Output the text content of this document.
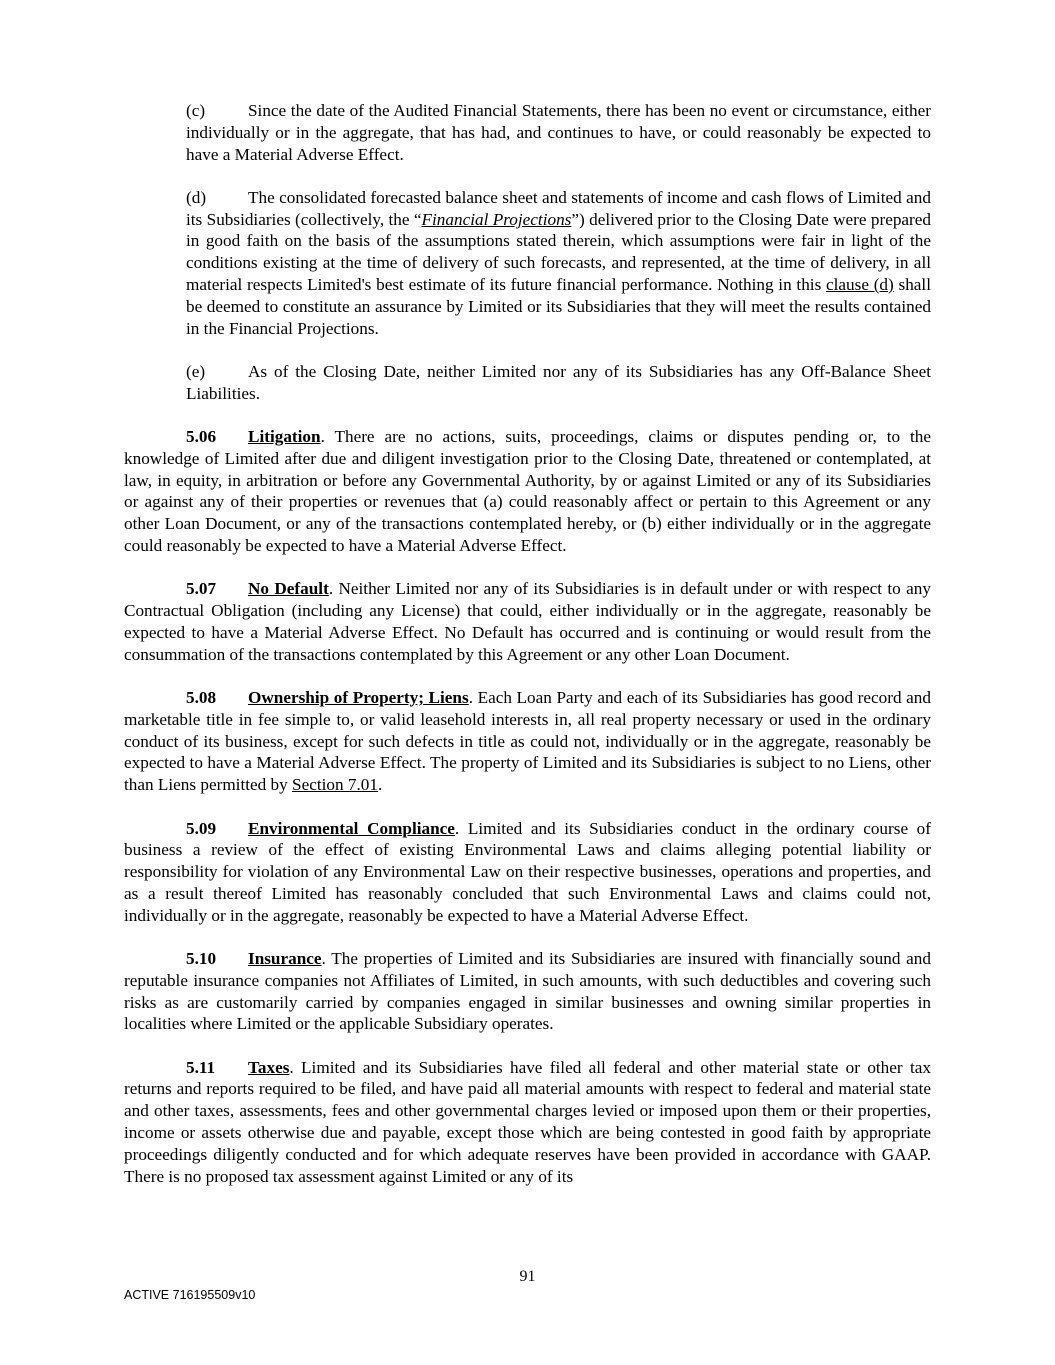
(c) Since the date of the Audited Financial Statements, there has been no event or circumstance, either individually or in the aggregate, that has had, and continues to have, or could reasonably be expected to have a Material Adverse Effect.

(d) The consolidated forecasted balance sheet and statements of income and cash flows of Limited and its Subsidiaries (collectively, the “Financial Projections”) delivered prior to the Closing Date were prepared in good faith on the basis of the assumptions stated therein, which assumptions were fair in light of the conditions existing at the time of delivery of such forecasts, and represented, at the time of delivery, in all material respects Limited's best estimate of its future financial performance. Nothing in this clause (d) shall be deemed to constitute an assurance by Limited or its Subsidiaries that they will meet the results contained in the Financial Projections.

(e) As of the Closing Date, neither Limited nor any of its Subsidiaries has any Off-Balance Sheet Liabilities.

5.06 Litigation. There are no actions, suits, proceedings, claims or disputes pending or, to the knowledge of Limited after due and diligent investigation prior to the Closing Date, threatened or contemplated, at law, in equity, in arbitration or before any Governmental Authority, by or against Limited or any of its Subsidiaries or against any of their properties or revenues that (a) could reasonably affect or pertain to this Agreement or any other Loan Document, or any of the transactions contemplated hereby, or (b) either individually or in the aggregate could reasonably be expected to have a Material Adverse Effect.

5.07 No Default. Neither Limited nor any of its Subsidiaries is in default under or with respect to any Contractual Obligation (including any License) that could, either individually or in the aggregate, reasonably be expected to have a Material Adverse Effect. No Default has occurred and is continuing or would result from the consummation of the transactions contemplated by this Agreement or any other Loan Document.

5.08 Ownership of Property; Liens. Each Loan Party and each of its Subsidiaries has good record and marketable title in fee simple to, or valid leasehold interests in, all real property necessary or used in the ordinary conduct of its business, except for such defects in title as could not, individually or in the aggregate, reasonably be expected to have a Material Adverse Effect. The property of Limited and its Subsidiaries is subject to no Liens, other than Liens permitted by Section 7.01.

5.09 Environmental Compliance. Limited and its Subsidiaries conduct in the ordinary course of business a review of the effect of existing Environmental Laws and claims alleging potential liability or responsibility for violation of any Environmental Law on their respective businesses, operations and properties, and as a result thereof Limited has reasonably concluded that such Environmental Laws and claims could not, individually or in the aggregate, reasonably be expected to have a Material Adverse Effect.

5.10 Insurance. The properties of Limited and its Subsidiaries are insured with financially sound and reputable insurance companies not Affiliates of Limited, in such amounts, with such deductibles and covering such risks as are customarily carried by companies engaged in similar businesses and owning similar properties in localities where Limited or the applicable Subsidiary operates.

5.11 Taxes. Limited and its Subsidiaries have filed all federal and other material state or other tax returns and reports required to be filed, and have paid all material amounts with respect to federal and material state and other taxes, assessments, fees and other governmental charges levied or imposed upon them or their properties, income or assets otherwise due and payable, except those which are being contested in good faith by appropriate proceedings diligently conducted and for which adequate reserves have been provided in accordance with GAAP. There is no proposed tax assessment against Limited or any of its

91
ACTIVE 716195509v10
